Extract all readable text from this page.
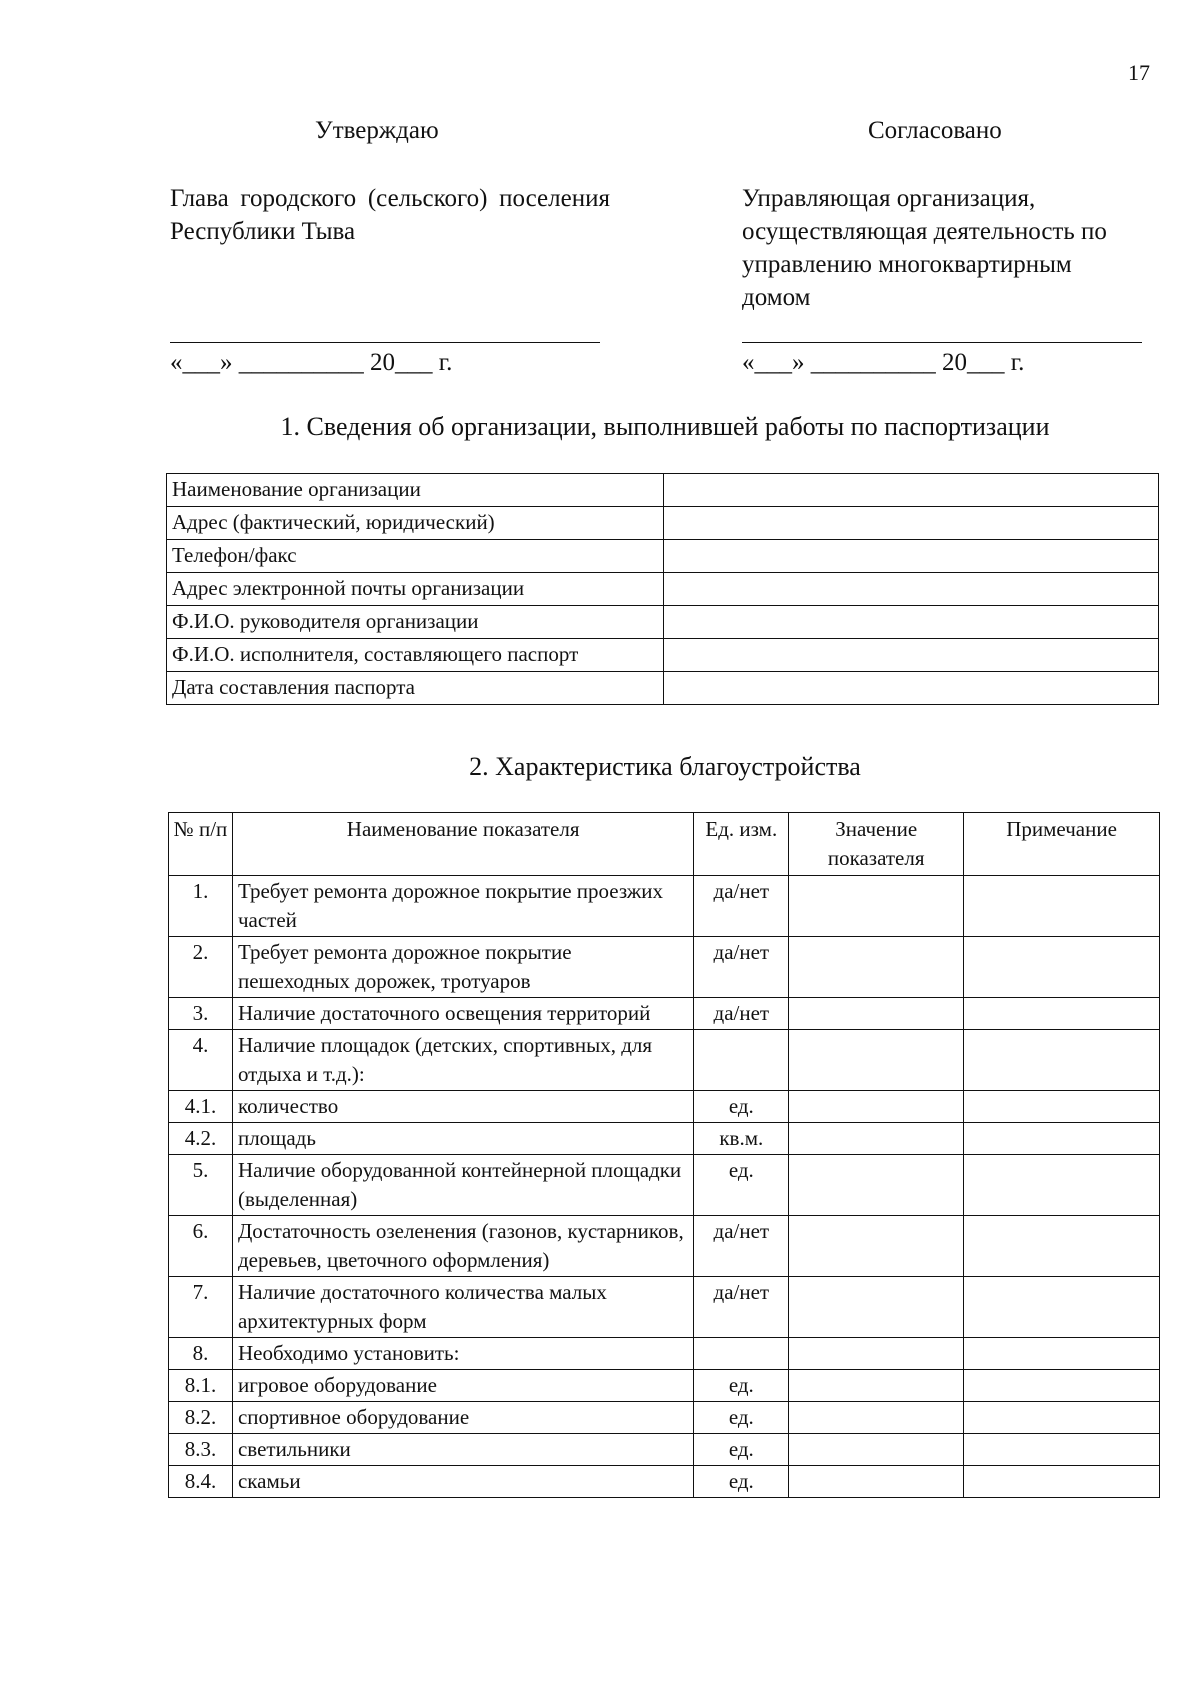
17
Утверждаю	Согласовано
Глава городского (сельского) поселения Республики Тыва
Управляющая организация, осуществляющая деятельность по управлению многоквартирным домом
«___» __________ 20___ г.	«___» __________ 20___ г.
1. Сведения об организации, выполнившей работы по паспортизации
Наименование организации	
Адрес (фактический, юридический)	
Телефон/факс	
Адрес электронной почты организации	
Ф.И.О. руководителя организации	
Ф.И.О. исполнителя, составляющего паспорт	
Дата составления паспорта	
2. Характеристика благоустройства
№ п/п	Наименование показателя	Ед. изм.	Значение показателя	Примечание
1.	Требует ремонта дорожное покрытие проезжих частей	да/нет		
2.	Требует ремонта дорожное покрытие пешеходных дорожек, тротуаров	да/нет		
3.	Наличие достаточного освещения территорий	да/нет		
4.	Наличие площадок (детских, спортивных, для отдыха и т.д.):			
4.1.	количество	ед.		
4.2.	площадь	кв.м.		
5.	Наличие оборудованной контейнерной площадки (выделенная)	ед.		
6.	Достаточность озеленения (газонов, кустарников, деревьев, цветочного оформления)	да/нет		
7.	Наличие достаточного количества малых архитектурных форм	да/нет		
8.	Необходимо установить:			
8.1.	игровое оборудование	ед.		
8.2.	спортивное оборудование	ед.		
8.3.	светильники	ед.		
8.4.	скамьи	ед.		
